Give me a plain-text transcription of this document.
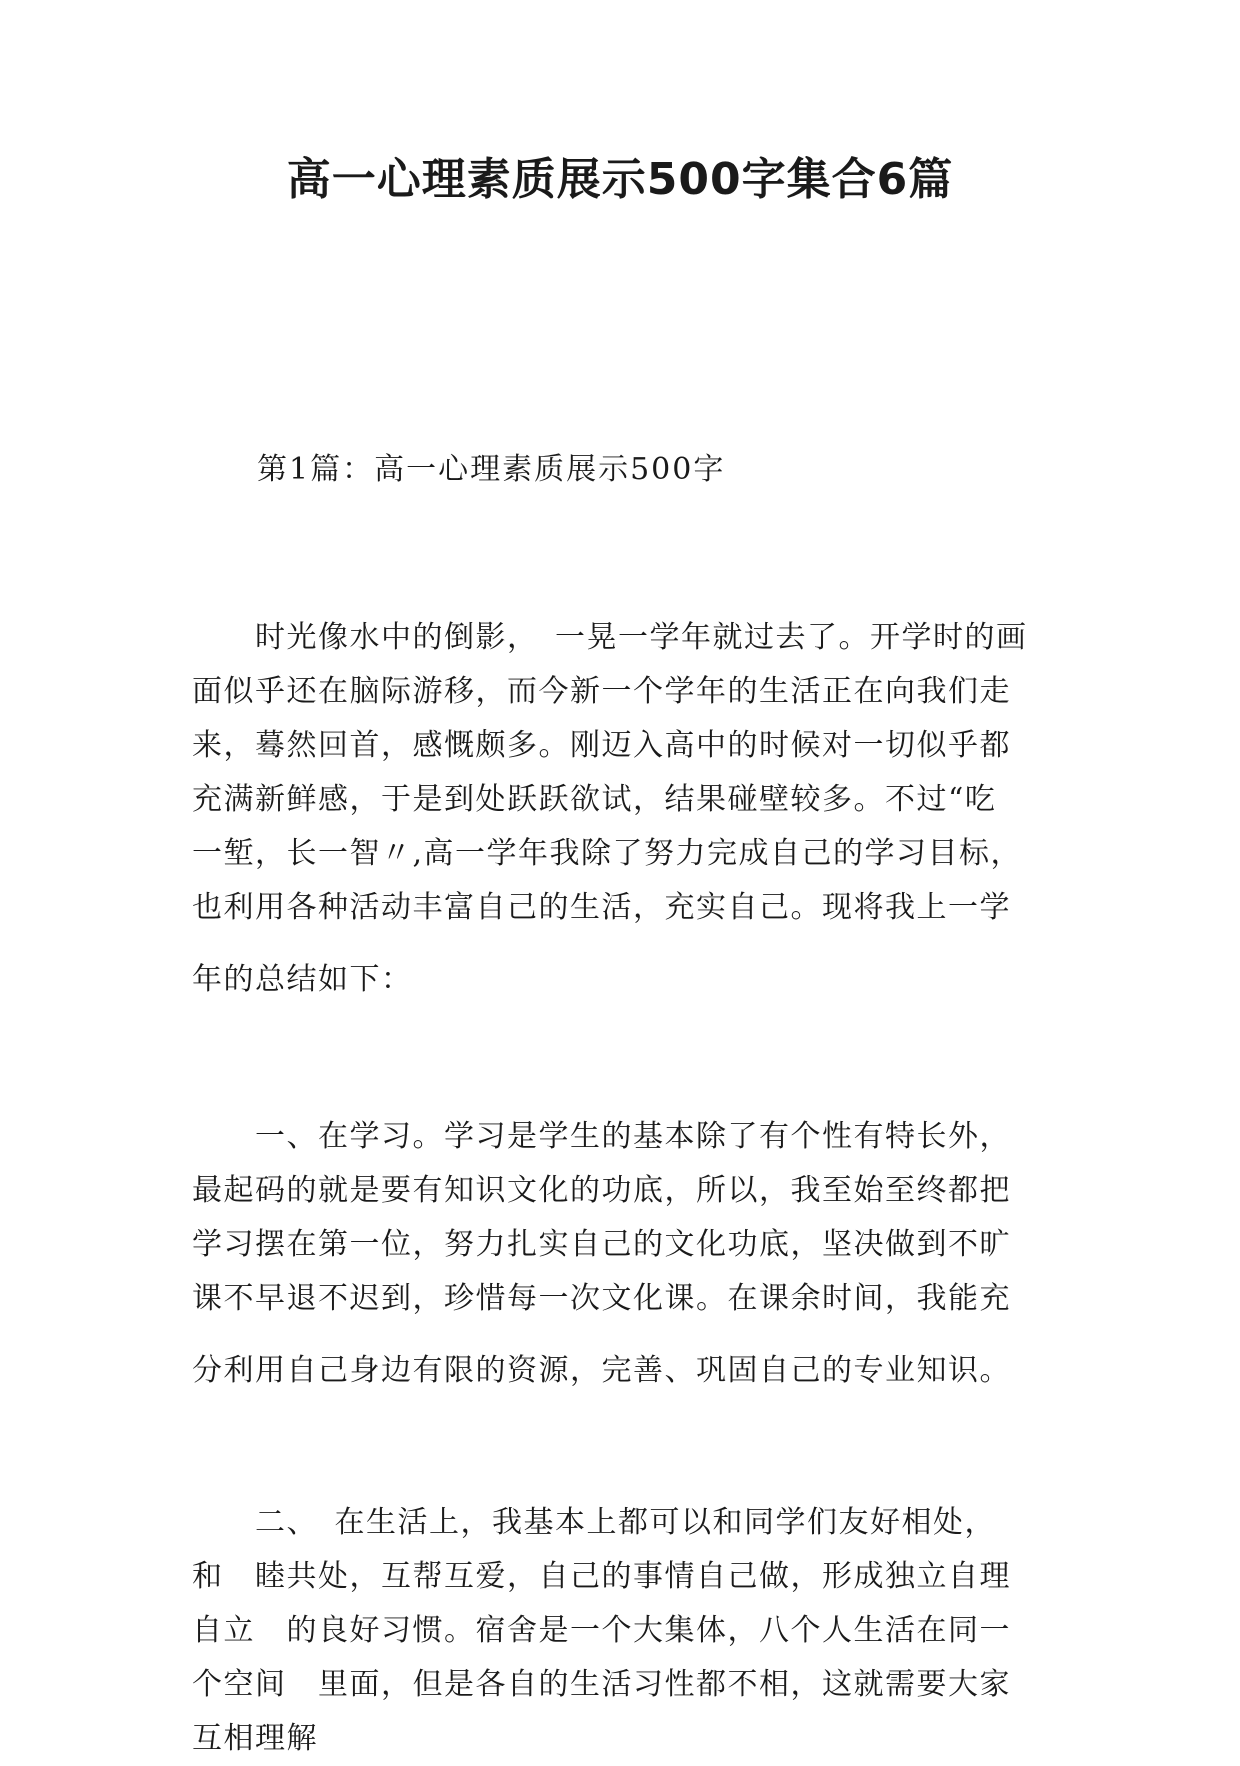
高一心理素质展示500字集合6篇
第1篇：高一心理素质展示500字
　　时光像水中的倒影，　一晃一学年就过去了。开学时的画
面似乎还在脑际游移，而今新一个学年的生活正在向我们走
来，蓦然回首，感慨颇多。刚迈入高中的时候对一切似乎都
充满新鲜感，于是到处跃跃欲试，结果碰壁较多。不过“吃
一堑，长一智〃,高一学年我除了努力完成自己的学习目标，
也利用各种活动丰富自己的生活，充实自己。现将我上一学
年的总结如下：
　　一、在学习。学习是学生的基本除了有个性有特长外，
最起码的就是要有知识文化的功底，所以，我至始至终都把
学习摆在第一位，努力扎实自己的文化功底，坚决做到不旷
课不早退不迟到，珍惜每一次文化课。在课余时间，我能充
分利用自己身边有限的资源，完善、巩固自己的专业知识。
　　二、　在生活上，我基本上都可以和同学们友好相处，
和　睦共处，互帮互爱，自己的事情自己做，形成独立自理
自立　的良好习惯。宿舍是一个大集体，八个人生活在同一
个空间　里面，但是各自的生活习性都不相，这就需要大家
互相理解
